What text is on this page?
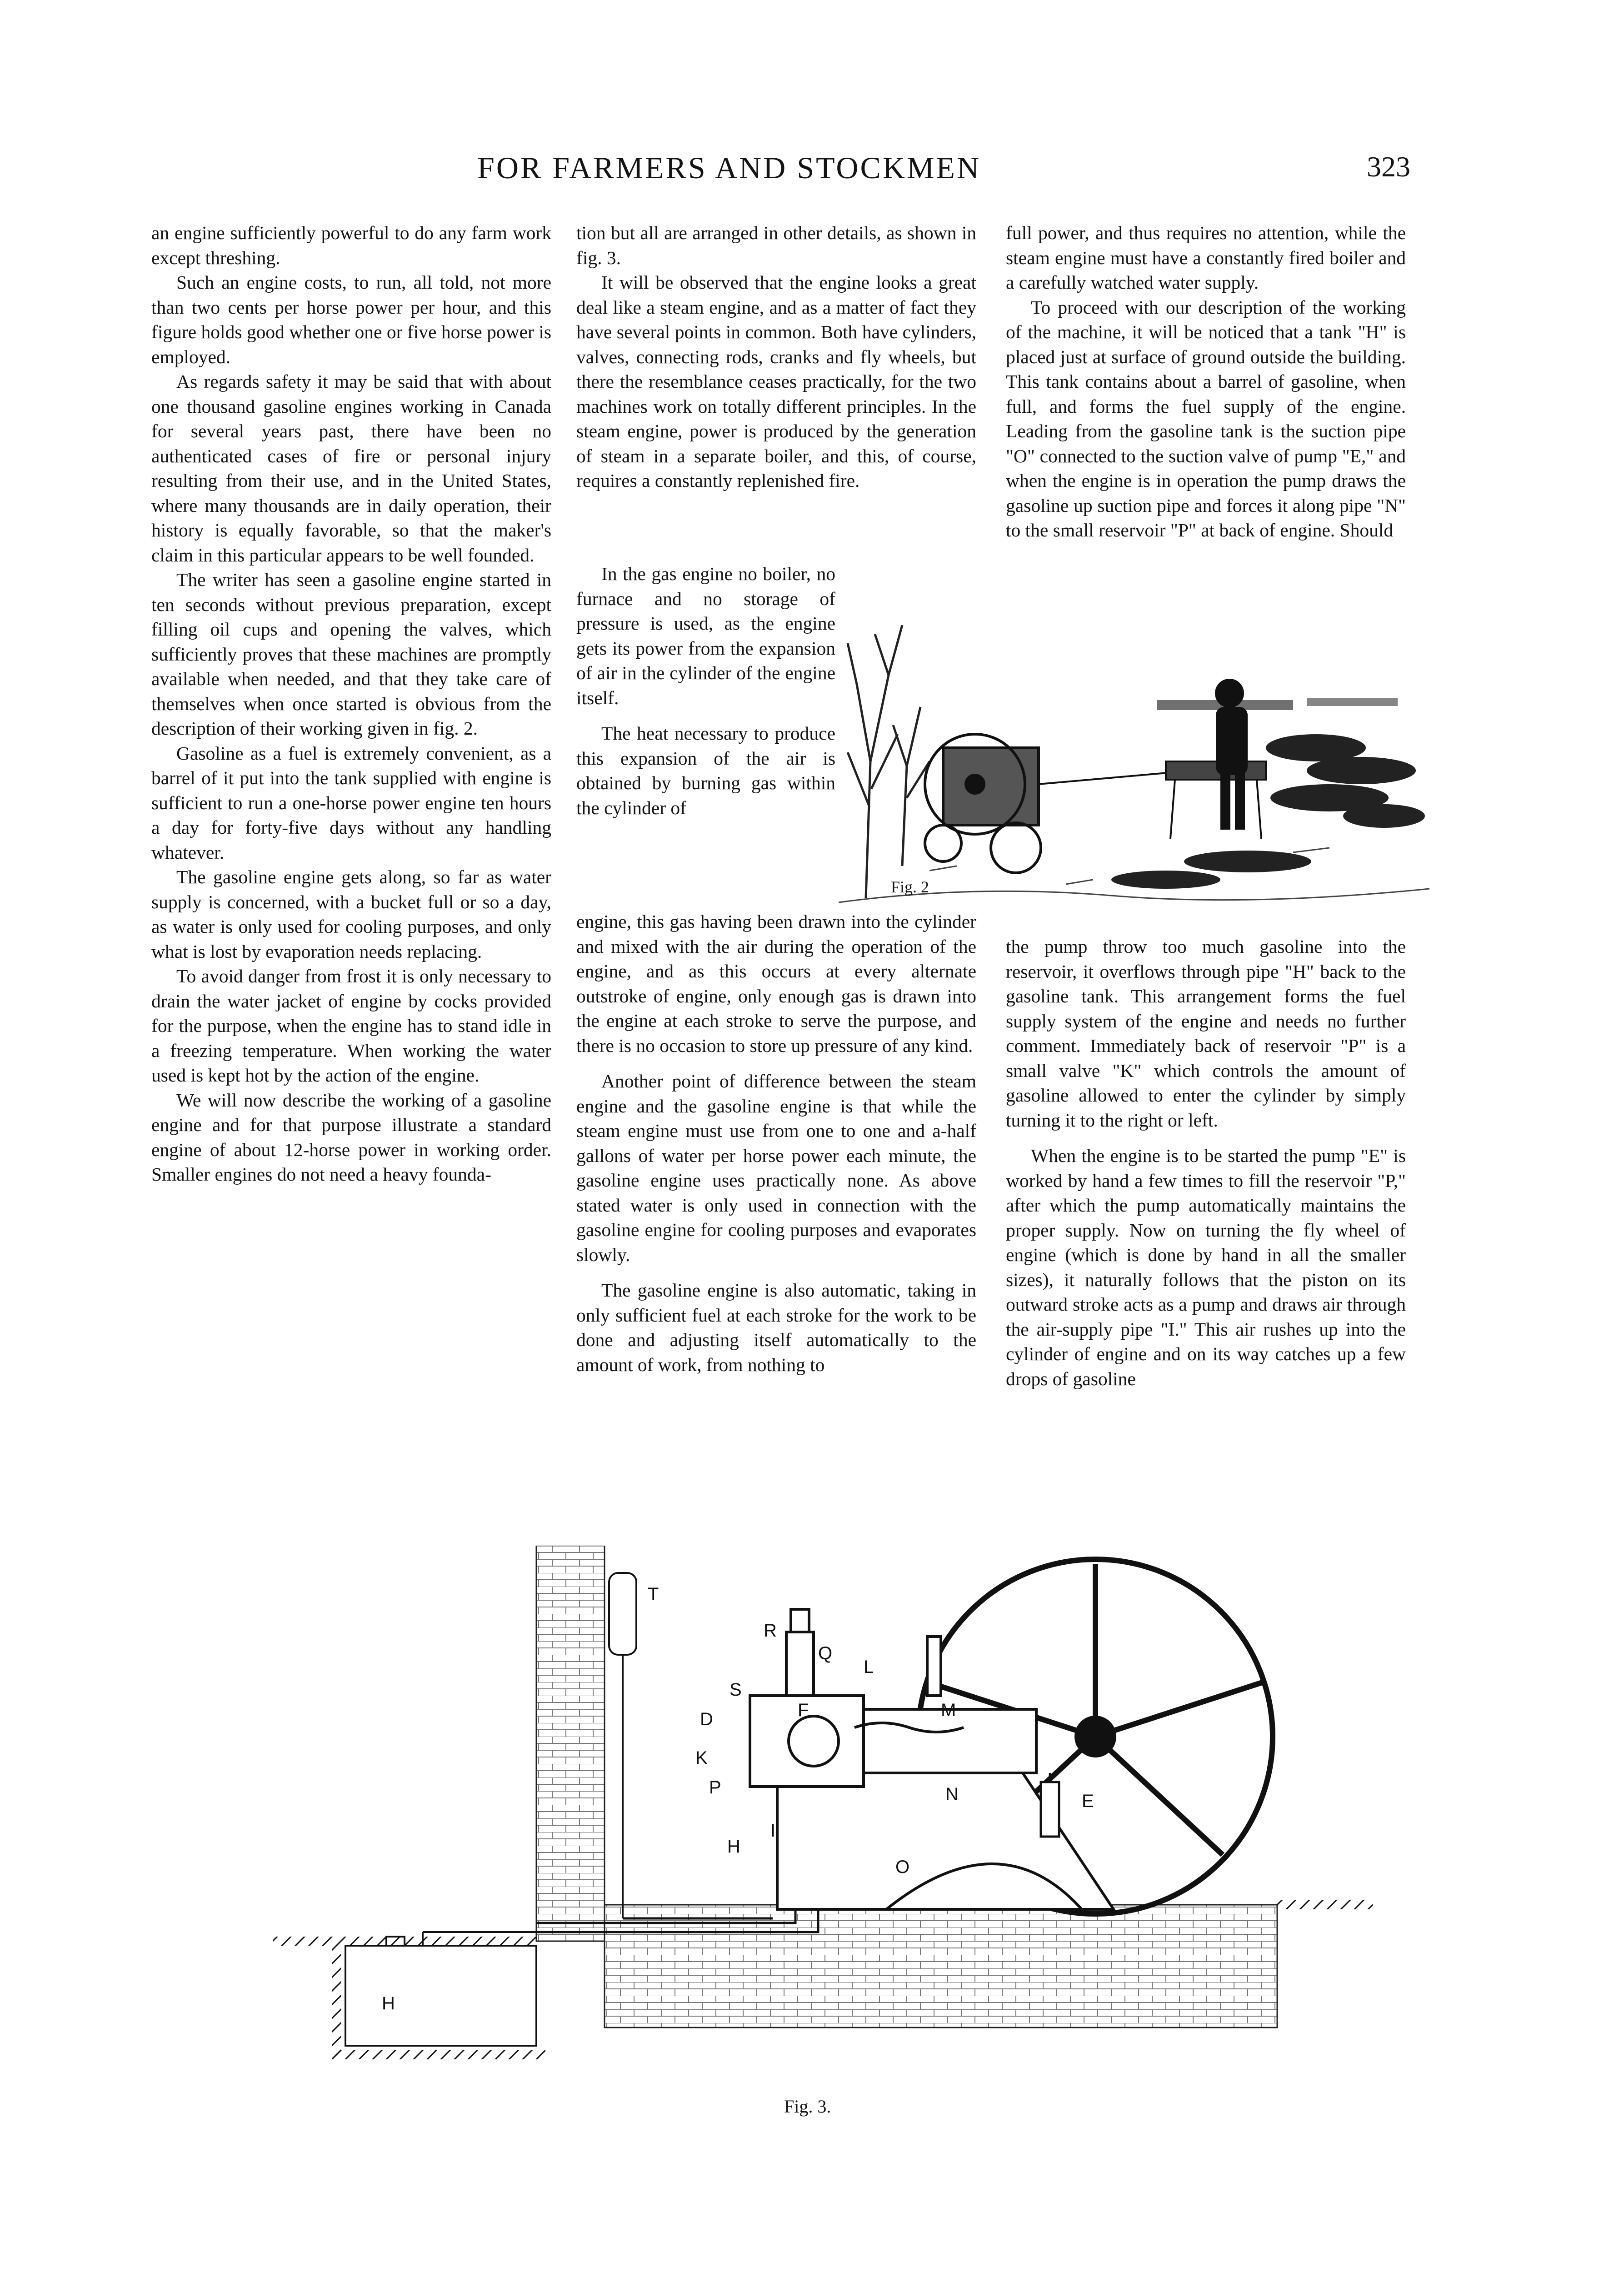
FOR FARMERS AND STOCKMEN	323

an engine sufficiently powerful to do any farm work except threshing.

Such an engine costs, to run, all told, not more than two cents per horse power per hour, and this figure holds good whether one or five horse power is employed.

As regards safety it may be said that with about one thousand gasoline engines working in Canada for several years past, there have been no authenticated cases of fire or personal injury resulting from their use, and in the United States, where many thousands are in daily operation, their history is equally favorable, so that the maker's claim in this particular appears to be well founded.

The writer has seen a gasoline engine started in ten seconds without previous preparation, except filling oil cups and opening the valves, which sufficiently proves that these machines are promptly available when needed, and that they take care of themselves when once started is obvious from the description of their working given in fig. 2.

Gasoline as a fuel is extremely convenient, as a barrel of it put into the tank supplied with engine is sufficient to run a one-horse power engine ten hours a day for forty-five days without any handling whatever.

The gasoline engine gets along, so far as water supply is concerned, with a bucket full or so a day, as water is only used for cooling purposes, and only what is lost by evaporation needs replacing.

To avoid danger from frost it is only necessary to drain the water jacket of engine by cocks provided for the purpose, when the engine has to stand idle in a freezing temperature. When working the water used is kept hot by the action of the engine.

We will now describe the working of a gasoline engine and for that purpose illustrate a standard engine of about 12-horse power in working order. Smaller engines do not need a heavy founda-

tion but all are arranged in other details, as shown in fig. 3.

It will be observed that the engine looks a great deal like a steam engine, and as a matter of fact they have several points in common. Both have cylinders, valves, connecting rods, cranks and fly wheels, but there the resemblance ceases practically, for the two machines work on totally different principles. In the steam engine, power is produced by the generation of steam in a separate boiler, and this, of course, requires a constantly replenished fire.

In the gas engine no boiler, no furnace and no storage of pressure is used, as the engine gets its power from the expansion of air in the cylinder of the engine itself.

The heat necessary to produce this expansion of the air is obtained by burning gas within the cylinder of

engine, this gas having been drawn into the cylinder and mixed with the air during the operation of the engine, and as this occurs at every alternate outstroke of engine, only enough gas is drawn into the engine at each stroke to serve the purpose, and there is no occasion to store up pressure of any kind.

Another point of difference between the steam engine and the gasoline engine is that while the steam engine must use from one to one and a-half gallons of water per horse power each minute, the gasoline engine uses practically none. As above stated water is only used in connection with the gasoline engine for cooling purposes and evaporates slowly.

The gasoline engine is also automatic, taking in only sufficient fuel at each stroke for the work to be done and adjusting itself automatically to the amount of work, from nothing to

full power, and thus requires no attention, while the steam engine must have a constantly fired boiler and a carefully watched water supply.

To proceed with our description of the working of the machine, it will be noticed that a tank "H" is placed just at surface of ground outside the building. This tank contains about a barrel of gasoline, when full, and forms the fuel supply of the engine. Leading from the gasoline tank is the suction pipe "O" connected to the suction valve of pump "E," and when the engine is in operation the pump draws the gasoline up suction pipe and forces it along pipe "N" to the small reservoir "P" at back of engine. Should

the pump throw too much gasoline into the reservoir, it overflows through pipe "H" back to the gasoline tank. This arrangement forms the fuel supply system of the engine and needs no further comment. Immediately back of reservoir "P" is a small valve "K" which controls the amount of gasoline allowed to enter the cylinder by simply turning it to the right or left.

When the engine is to be started the pump "E" is worked by hand a few times to fill the reservoir "P," after which the pump automatically maintains the proper supply. Now on turning the fly wheel of engine (which is done by hand in all the smaller sizes), it naturally follows that the piston on its outward stroke acts as a pump and draws air through the air-supply pipe "I." This air rushes up into the cylinder of engine and on its way catches up a few drops of gasoline

Fig. 2
T
R
Q
L
S
F	M
D
K
P	N	E
I
H
O
H
Fig. 3.
